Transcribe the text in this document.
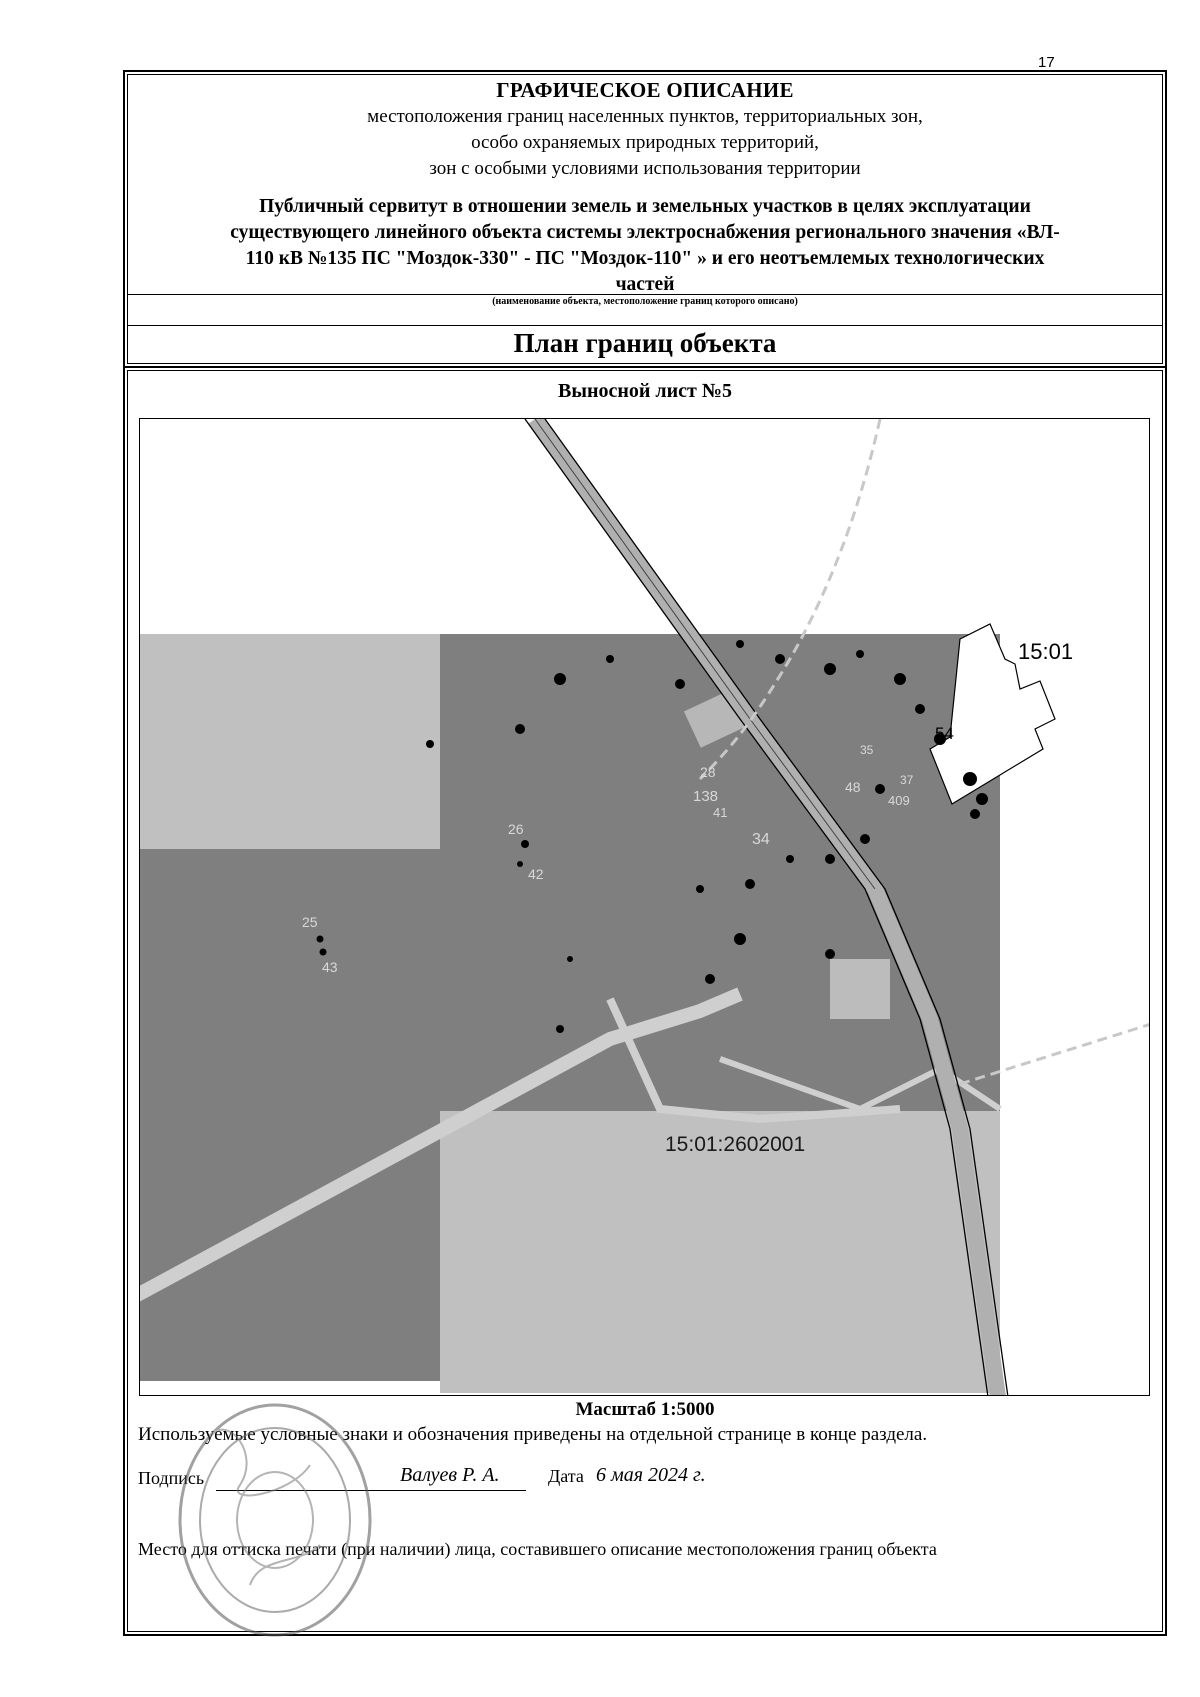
17
ГРАФИЧЕСКОЕ ОПИСАНИЕ
местоположения границ населенных пунктов, территориальных зон,
особо охраняемых природных территорий,
зон с особыми условиями использования территории
Публичный сервитут в отношении земель и земельных участков в целях эксплуатации
существующего линейного объекта системы электроснабжения регионального значения «ВЛ-
110 кВ №135 ПС "Моздок-330" - ПС "Моздок-110" » и его неотъемлемых технологических
частей
(наименование объекта, местоположение границ которого описано)
План границ объекта
Выносной лист №5
15:01:2602001
15:01
54
25
43
26
42
28
138
41
34
48
409
35
37
Масштаб 1:5000
Используемые условные знаки и обозначения приведены на отдельной странице в конце раздела.
Подпись	Валуев Р. А.	Дата 6 мая 2024 г.
Место для оттиска печати (при наличии) лица, составившего описание местоположения границ объекта
